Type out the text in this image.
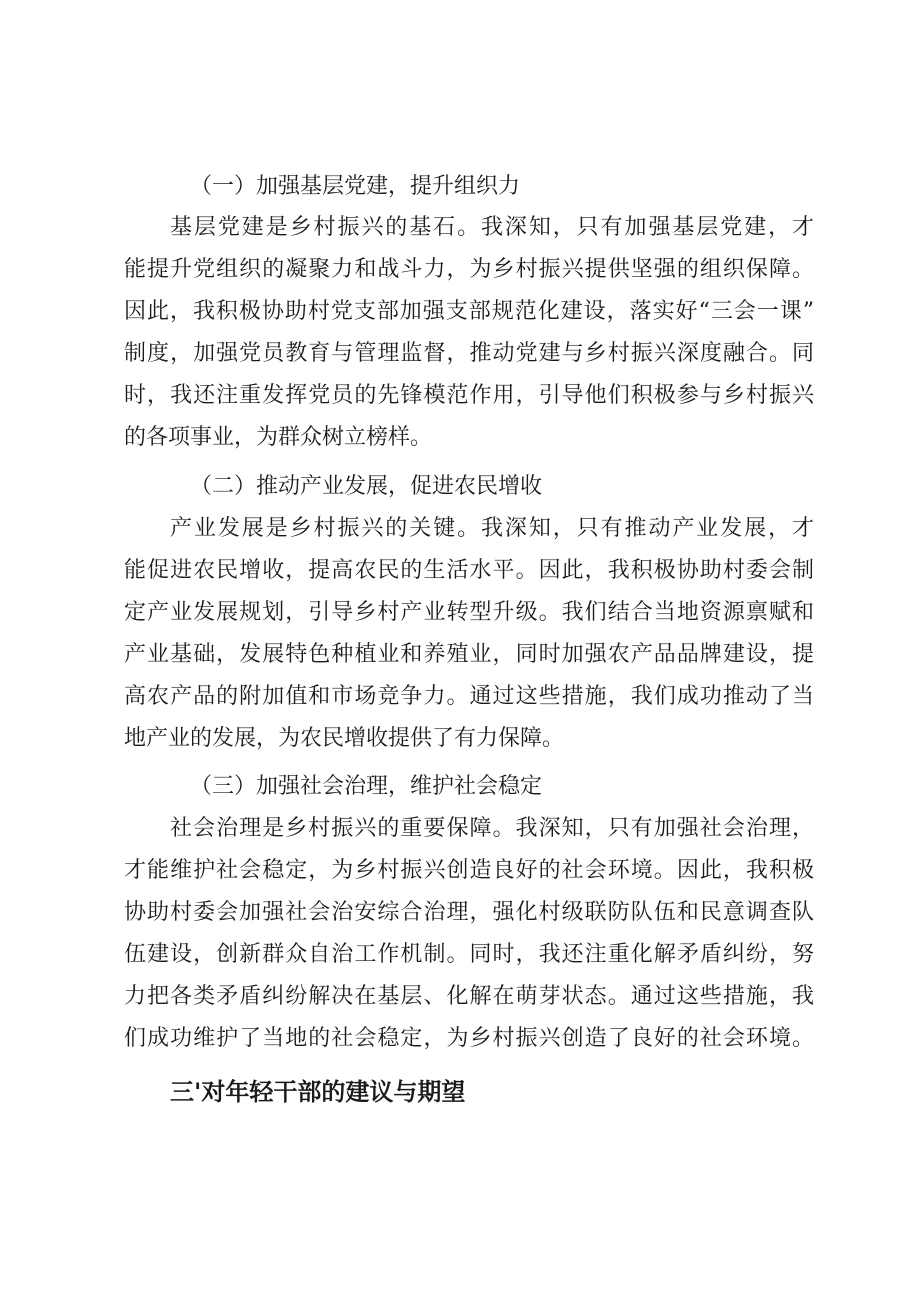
（一）加强基层党建，提升组织力
基层党建是乡村振兴的基石。我深知，只有加强基层党建，才
能提升党组织的凝聚力和战斗力，为乡村振兴提供坚强的组织保障。
因此，我积极协助村党支部加强支部规范化建设，落实好“三会一课”
制度，加强党员教育与管理监督，推动党建与乡村振兴深度融合。同
时，我还注重发挥党员的先锋模范作用，引导他们积极参与乡村振兴
的各项事业，为群众树立榜样。
（二）推动产业发展，促进农民增收
产业发展是乡村振兴的关键。我深知，只有推动产业发展，才
能促进农民增收，提高农民的生活水平。因此，我积极协助村委会制
定产业发展规划，引导乡村产业转型升级。我们结合当地资源禀赋和
产业基础，发展特色种植业和养殖业，同时加强农产品品牌建设，提
高农产品的附加值和市场竞争力。通过这些措施，我们成功推动了当
地产业的发展，为农民增收提供了有力保障。
（三）加强社会治理，维护社会稳定
社会治理是乡村振兴的重要保障。我深知，只有加强社会治理，
才能维护社会稳定，为乡村振兴创造良好的社会环境。因此，我积极
协助村委会加强社会治安综合治理，强化村级联防队伍和民意调查队
伍建设，创新群众自治工作机制。同时，我还注重化解矛盾纠纷，努
力把各类矛盾纠纷解决在基层、化解在萌芽状态。通过这些措施，我
们成功维护了当地的社会稳定，为乡村振兴创造了良好的社会环境。
三'对年轻干部的建议与期望
